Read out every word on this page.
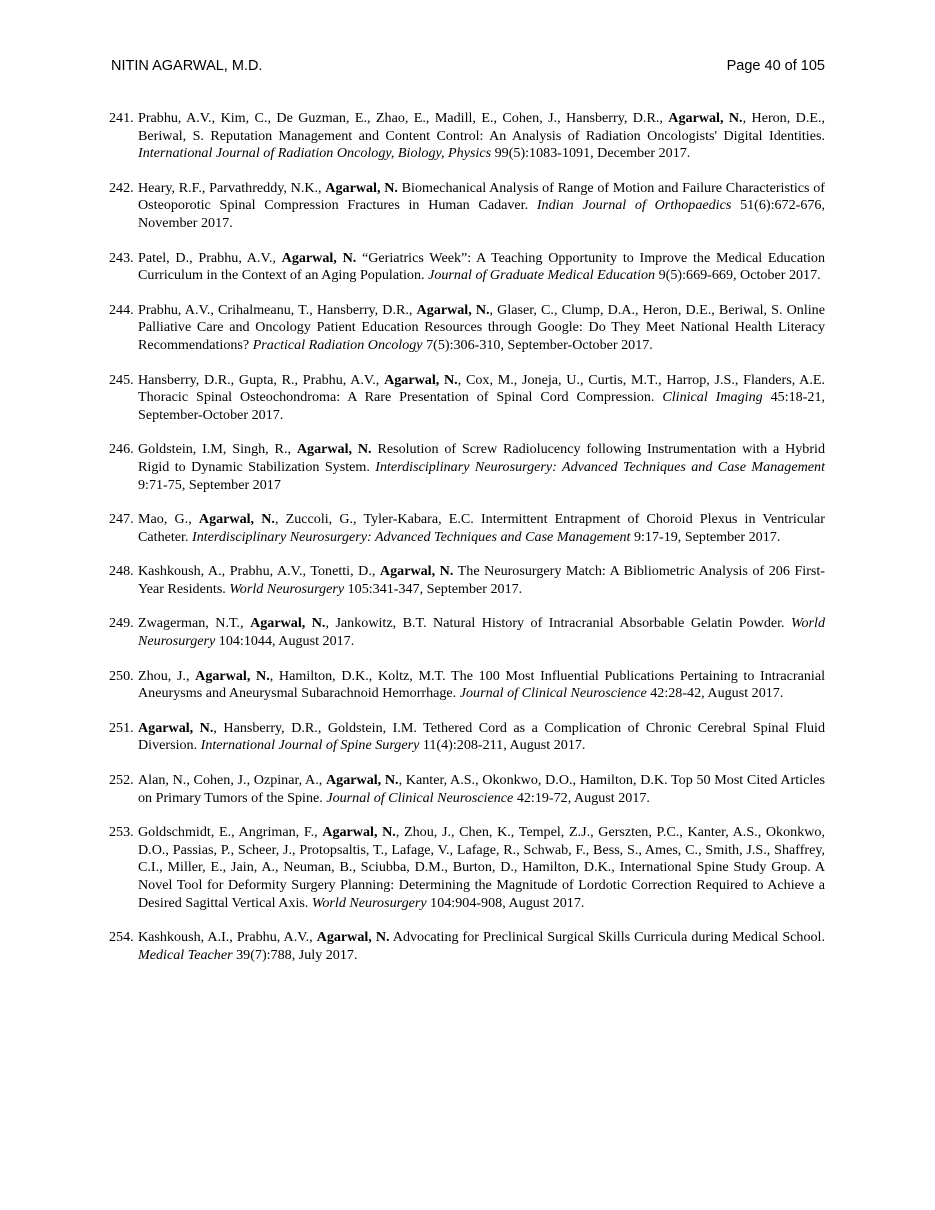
NITIN AGARWAL, M.D.	Page 40 of 105
241. Prabhu, A.V., Kim, C., De Guzman, E., Zhao, E., Madill, E., Cohen, J., Hansberry, D.R., Agarwal, N., Heron, D.E., Beriwal, S. Reputation Management and Content Control: An Analysis of Radiation Oncologists' Digital Identities. International Journal of Radiation Oncology, Biology, Physics 99(5):1083-1091, December 2017.
242. Heary, R.F., Parvathreddy, N.K., Agarwal, N. Biomechanical Analysis of Range of Motion and Failure Characteristics of Osteoporotic Spinal Compression Fractures in Human Cadaver. Indian Journal of Orthopaedics 51(6):672-676, November 2017.
243. Patel, D., Prabhu, A.V., Agarwal, N. “Geriatrics Week”: A Teaching Opportunity to Improve the Medical Education Curriculum in the Context of an Aging Population. Journal of Graduate Medical Education 9(5):669-669, October 2017.
244. Prabhu, A.V., Crihalmeanu, T., Hansberry, D.R., Agarwal, N., Glaser, C., Clump, D.A., Heron, D.E., Beriwal, S. Online Palliative Care and Oncology Patient Education Resources through Google: Do They Meet National Health Literacy Recommendations? Practical Radiation Oncology 7(5):306-310, September-October 2017.
245. Hansberry, D.R., Gupta, R., Prabhu, A.V., Agarwal, N., Cox, M., Joneja, U., Curtis, M.T., Harrop, J.S., Flanders, A.E. Thoracic Spinal Osteochondroma: A Rare Presentation of Spinal Cord Compression. Clinical Imaging 45:18-21, September-October 2017.
246. Goldstein, I.M, Singh, R., Agarwal, N. Resolution of Screw Radiolucency following Instrumentation with a Hybrid Rigid to Dynamic Stabilization System. Interdisciplinary Neurosurgery: Advanced Techniques and Case Management 9:71-75, September 2017
247. Mao, G., Agarwal, N., Zuccoli, G., Tyler-Kabara, E.C. Intermittent Entrapment of Choroid Plexus in Ventricular Catheter. Interdisciplinary Neurosurgery: Advanced Techniques and Case Management 9:17-19, September 2017.
248. Kashkoush, A., Prabhu, A.V., Tonetti, D., Agarwal, N. The Neurosurgery Match: A Bibliometric Analysis of 206 First-Year Residents. World Neurosurgery 105:341-347, September 2017.
249. Zwagerman, N.T., Agarwal, N., Jankowitz, B.T. Natural History of Intracranial Absorbable Gelatin Powder. World Neurosurgery 104:1044, August 2017.
250. Zhou, J., Agarwal, N., Hamilton, D.K., Koltz, M.T. The 100 Most Influential Publications Pertaining to Intracranial Aneurysms and Aneurysmal Subarachnoid Hemorrhage. Journal of Clinical Neuroscience 42:28-42, August 2017.
251. Agarwal, N., Hansberry, D.R., Goldstein, I.M. Tethered Cord as a Complication of Chronic Cerebral Spinal Fluid Diversion. International Journal of Spine Surgery 11(4):208-211, August 2017.
252. Alan, N., Cohen, J., Ozpinar, A., Agarwal, N., Kanter, A.S., Okonkwo, D.O., Hamilton, D.K. Top 50 Most Cited Articles on Primary Tumors of the Spine. Journal of Clinical Neuroscience 42:19-72, August 2017.
253. Goldschmidt, E., Angriman, F., Agarwal, N., Zhou, J., Chen, K., Tempel, Z.J., Gerszten, P.C., Kanter, A.S., Okonkwo, D.O., Passias, P., Scheer, J., Protopsaltis, T., Lafage, V., Lafage, R., Schwab, F., Bess, S., Ames, C., Smith, J.S., Shaffrey, C.I., Miller, E., Jain, A., Neuman, B., Sciubba, D.M., Burton, D., Hamilton, D.K., International Spine Study Group. A Novel Tool for Deformity Surgery Planning: Determining the Magnitude of Lordotic Correction Required to Achieve a Desired Sagittal Vertical Axis. World Neurosurgery 104:904-908, August 2017.
254. Kashkoush, A.I., Prabhu, A.V., Agarwal, N. Advocating for Preclinical Surgical Skills Curricula during Medical School. Medical Teacher 39(7):788, July 2017.
